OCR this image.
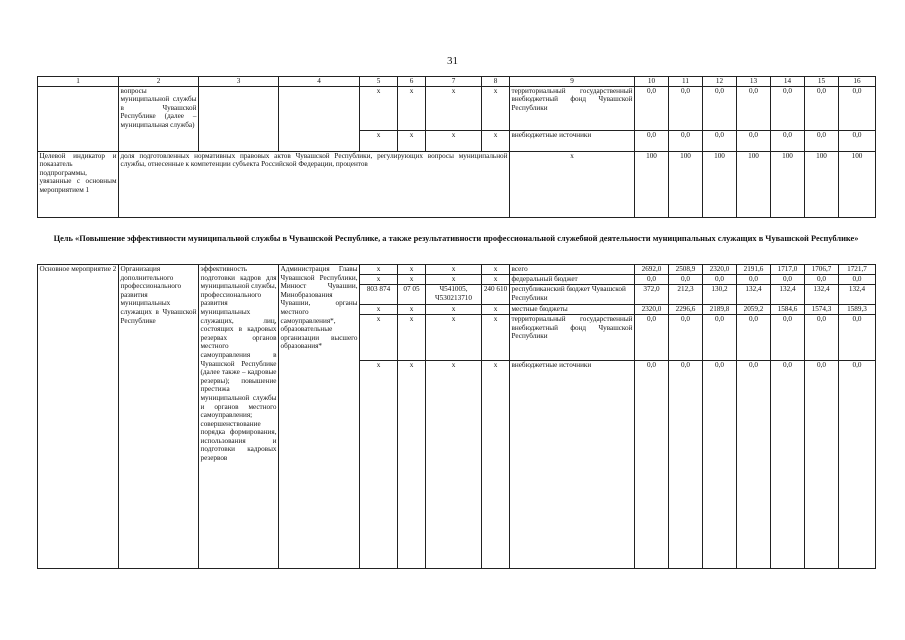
31
1	2	3	4	5	6	7	8	9	10	11	12	13	14	15	16
	вопросы муниципальной службы в Чувашской Республике (далее – муниципальная служба)			х	х	х	х	территориальный государственный внебюджетный фонд Чувашской Республики	0,0	0,0	0,0	0,0	0,0	0,0	0,0
				х	х	х	х	внебюджетные источники	0,0	0,0	0,0	0,0	0,0	0,0	0,0
Целевой индикатор и показатель подпрограммы, увязанные с основным мероприятием 1	доля подготовленных нормативных правовых актов Чувашской Республики, регулирующих вопросы муниципальной службы, отнесенные к компетенции субъекта Российской Федерации, процентов							х	100	100	100	100	100	100	100
Цель «Повышение эффективности муниципальной службы в Чувашской Республике, а также результативности профессиональной служебной деятельности муниципальных служащих в Чувашской Республике»
Основное мероприятие 2	Организация дополнительного профессионального развития муниципальных служащих в Чувашской Республике	эффективность подготовки кадров для муниципальной службы, профессионального развития муниципальных служащих, лиц, состоящих в кадровых резервах органов местного самоуправления в Чувашской Республике (далее также – кадровые резервы); повышение престижа муниципальной службы и органов местного самоуправления; совершенствование порядка формирования, использования и подготовки кадровых резервов	Администрация Главы Чувашской Республики, Минюст Чувашии, Минобразования Чувашии, органы местного самоуправления*, образовательные организации высшего образования*	х	х	х	х	всего	2692,0	2508,9	2320,0	2191,6	1717,0	1706,7	1721,7
				х	х	х	х	федеральный бюджет	0,0	0,0	0,0	0,0	0,0	0,0	0,0
				803 874	07 05	Ч541005, Ч530213710	240 610	республиканский бюджет Чувашской Республики	372,0	212,3	130,2	132,4	132,4	132,4	132,4
				х	х	х	х	местные бюджеты	2320,0	2296,6	2189,8	2059,2	1584,6	1574,3	1589,3
				х	х	х	х	территориальный государственный внебюджетный фонд Чувашской Республики	0,0	0,0	0,0	0,0	0,0	0,0	0,0
				х	х	х	х	внебюджетные источники	0,0	0,0	0,0	0,0	0,0	0,0	0,0
